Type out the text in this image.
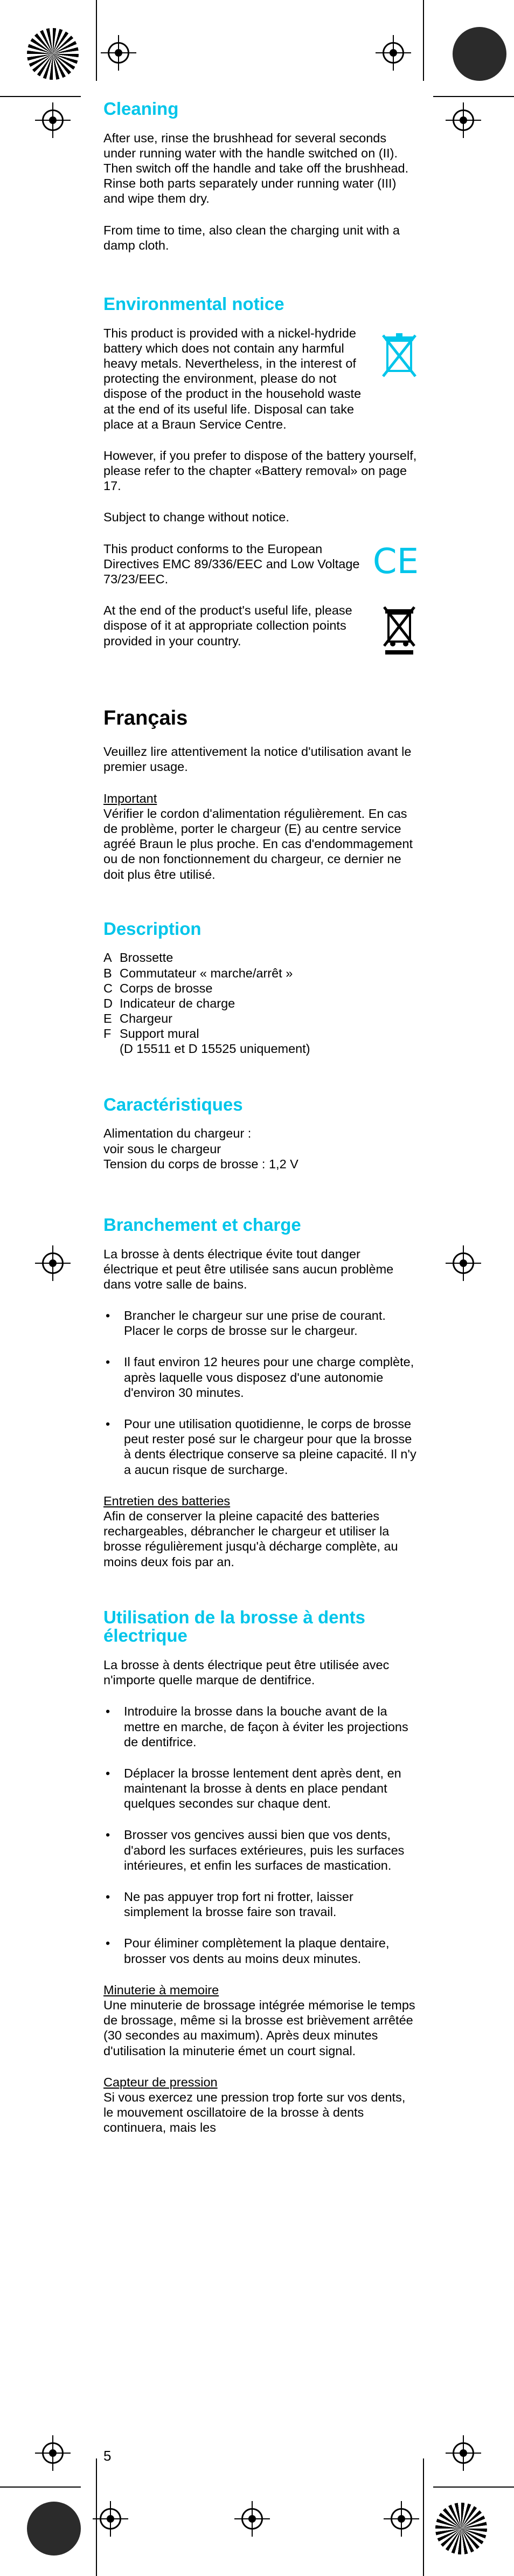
Cleaning

After use, rinse the brushhead for several seconds under running water with the handle switched on (II). Then switch off the handle and take off the brushhead. Rinse both parts separately under running water (III) and wipe them dry.

From time to time, also clean the charging unit with a damp cloth.

Environmental notice

This product is provided with a nickel-hydride battery which does not contain any harmful heavy metals. Nevertheless, in the interest of protecting the environment, please do not dispose of the product in the household waste at the end of its useful life. Disposal can take place at a Braun Service Centre.

However, if you prefer to dispose of the battery yourself, please refer to the chapter «Battery removal» on page 17.

Subject to change without notice.

This product conforms to the European Directives EMC 89/336/EEC and Low Voltage 73/23/EEC.	CE

At the end of the product's useful life, please dispose of it at appropriate collection points provided in your country.

Français

Veuillez lire attentivement la notice d'utilisation avant le premier usage.

Important

Vérifier le cordon d'alimentation régulièrement. En cas de problème, porter le chargeur (E) au centre service agréé Braun le plus proche. En cas d'endommagement ou de non fonctionnement du chargeur, ce dernier ne doit plus être utilisé.

Description
A Brossette
B Commutateur « marche/arrêt »
C Corps de brosse
D Indicateur de charge
E Chargeur
F Support mural
(D 15511 et D 15525 uniquement)
Caractéristiques

Alimentation du chargeur :

voir sous le chargeur

Tension du corps de brosse : 1,2 V

Branchement et charge

La brosse à dents électrique évite tout danger électrique et peut être utilisée sans aucun problème dans votre salle de bains.

• Brancher le chargeur sur une prise de courant. Placer le corps de brosse sur le chargeur.
• Il faut environ 12 heures pour une charge complète, après laquelle vous disposez d'une autonomie d'environ 30 minutes.
• Pour une utilisation quotidienne, le corps de brosse peut rester posé sur le chargeur pour que la brosse à dents électrique conserve sa pleine capacité. Il n'y a aucun risque de surcharge.

Entretien des batteries

Afin de conserver la pleine capacité des batteries rechargeables, débrancher le chargeur et utiliser la brosse régulièrement jusqu'à décharge complète, au moins deux fois par an.

Utilisation de la brosse à dents électrique

La brosse à dents électrique peut être utilisée avec n'importe quelle marque de dentifrice.

• Introduire la brosse dans la bouche avant de la mettre en marche, de façon à éviter les projections de dentifrice.
• Déplacer la brosse lentement dent après dent, en maintenant la brosse à dents en place pendant quelques secondes sur chaque dent.
• Brosser vos gencives aussi bien que vos dents, d'abord les surfaces extérieures, puis les surfaces intérieures, et enfin les surfaces de mastication.
• Ne pas appuyer trop fort ni frotter, laisser simplement la brosse faire son travail.
• Pour éliminer complètement la plaque dentaire, brosser vos dents au moins deux minutes.

Minuterie à memoire

Une minuterie de brossage intégrée mémorise le temps de brossage, même si la brosse est brièvement arrêtée (30 secondes au maximum). Après deux minutes d'utilisation la minuterie émet un court signal.

Capteur de pression

Si vous exercez une pression trop forte sur vos dents, le mouvement oscillatoire de la brosse à dents continuera, mais les

5
